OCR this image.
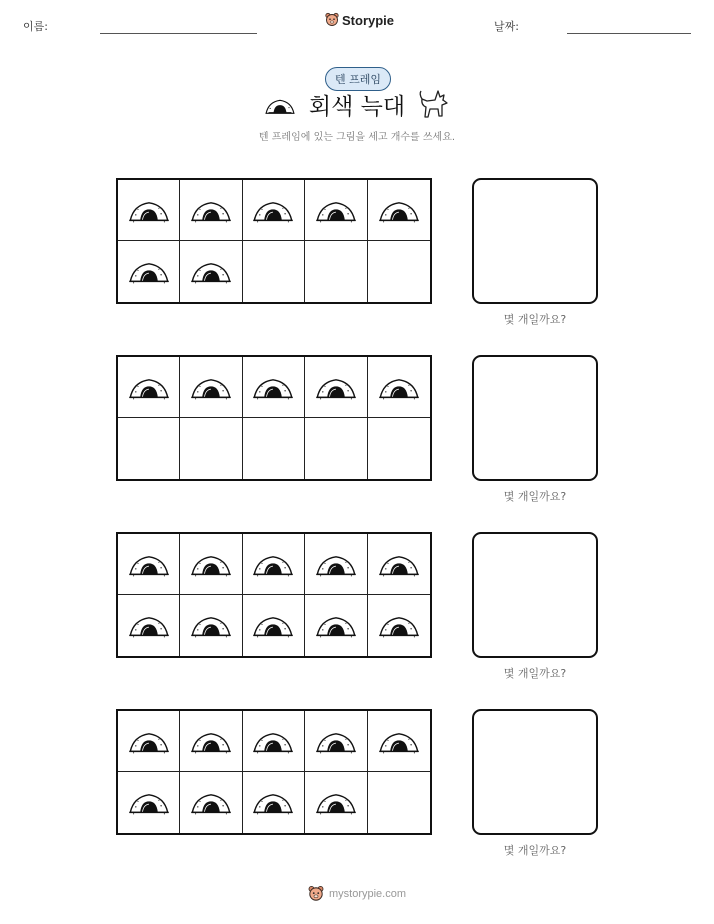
이름:	Storypie	날짜:
텐 프레임
회색 늑대
텐 프레임에 있는 그림을 세고 개수를 쓰세요.
몇 개일까요?
몇 개일까요?
몇 개일까요?
몇 개일까요?
mystorypie.com
